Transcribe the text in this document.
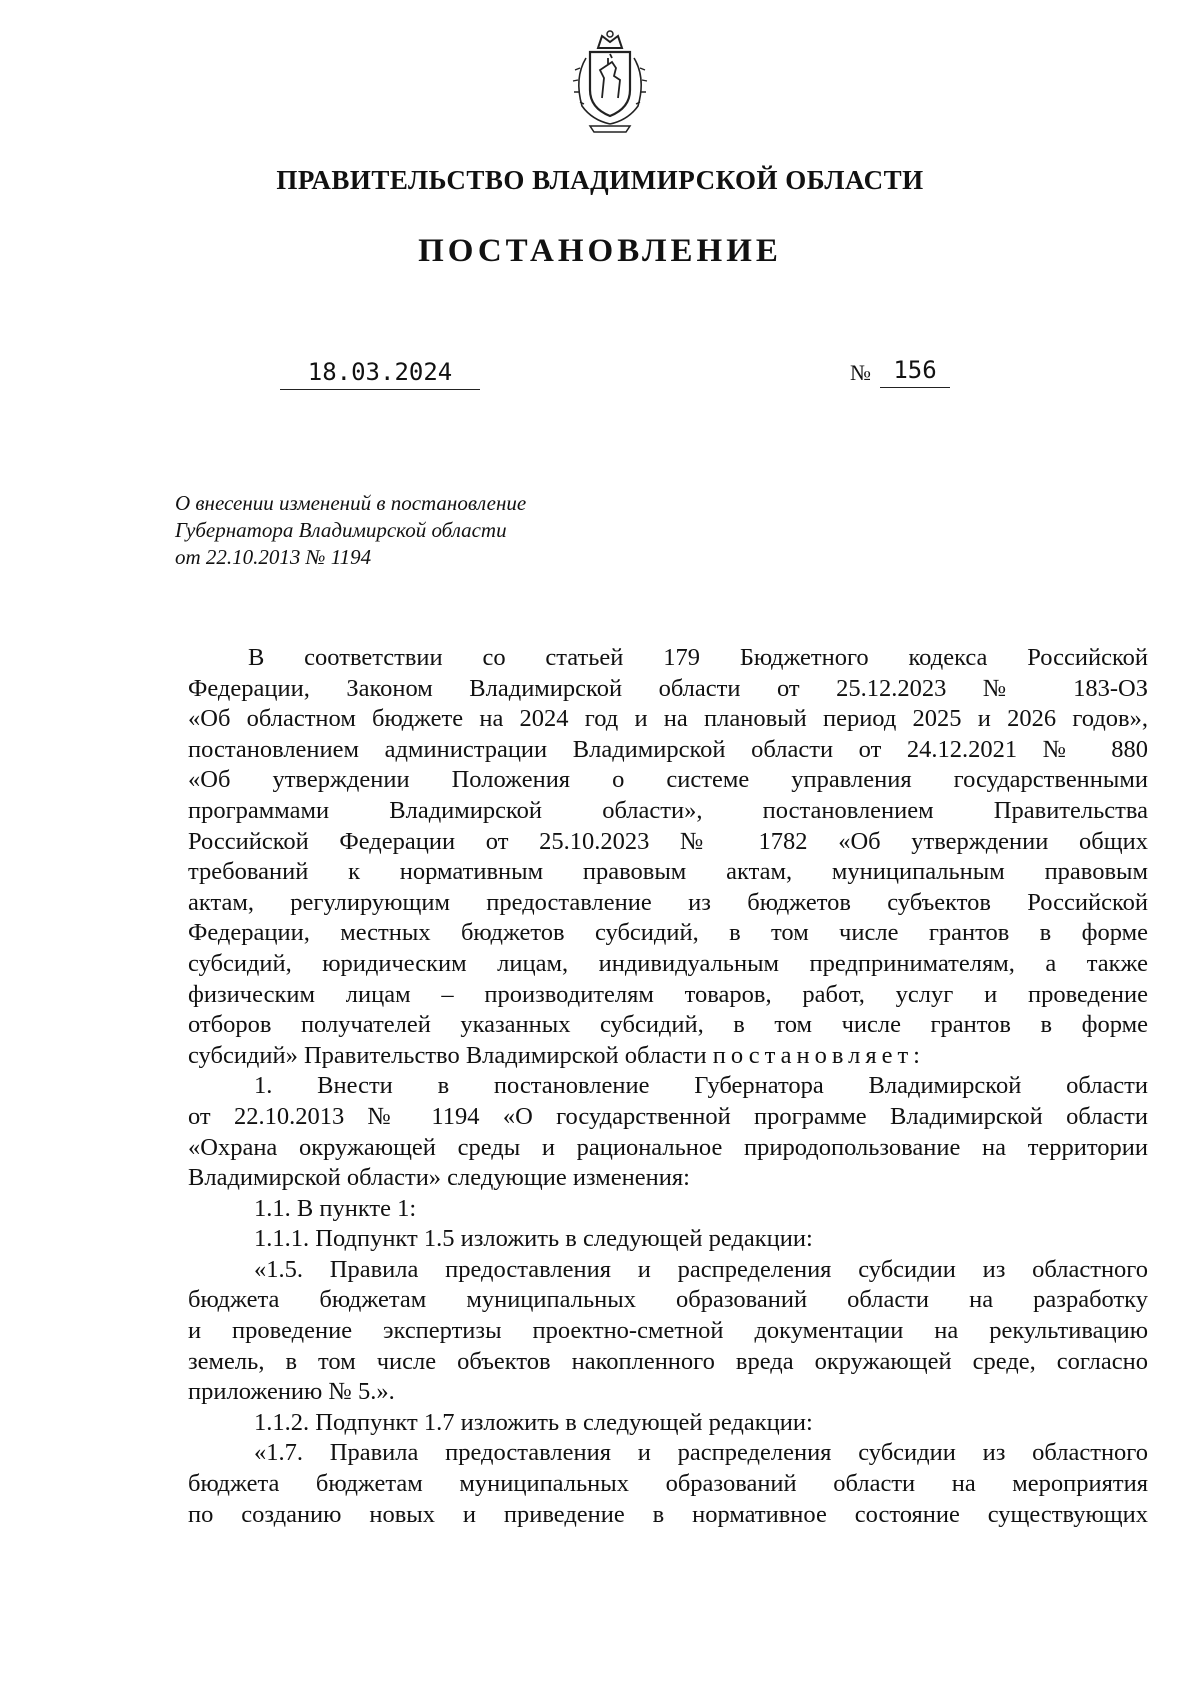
ПРАВИТЕЛЬСТВО ВЛАДИМИРСКОЙ ОБЛАСТИ
ПОСТАНОВЛЕНИЕ
18.03.2024	№ 156
О внесении изменений в постановление
Губернатора Владимирской области
от 22.10.2013 № 1194
В соответствии со статьей 179 Бюджетного кодекса Российской
Федерации, Законом Владимирской области от 25.12.2023 № 183-ОЗ
«Об областном бюджете на 2024 год и на плановый период 2025 и 2026 годов»,
постановлением администрации Владимирской области от 24.12.2021 № 880
«Об утверждении Положения о системе управления государственными
программами Владимирской области», постановлением Правительства
Российской Федерации от 25.10.2023 № 1782 «Об утверждении общих
требований к нормативным правовым актам, муниципальным правовым
актам, регулирующим предоставление из бюджетов субъектов Российской
Федерации, местных бюджетов субсидий, в том числе грантов в форме
субсидий, юридическим лицам, индивидуальным предпринимателям, а также
физическим лицам – производителям товаров, работ, услуг и проведение
отборов получателей указанных субсидий, в том числе грантов в форме
субсидий» Правительство Владимирской области постановляет:
1. Внести в постановление Губернатора Владимирской области
от 22.10.2013 № 1194 «О государственной программе Владимирской области
«Охрана окружающей среды и рациональное природопользование на территории
Владимирской области» следующие изменения:
1.1. В пункте 1:
1.1.1. Подпункт 1.5 изложить в следующей редакции:
«1.5. Правила предоставления и распределения субсидии из областного
бюджета бюджетам муниципальных образований области на разработку
и проведение экспертизы проектно-сметной документации на рекультивацию
земель, в том числе объектов накопленного вреда окружающей среде, согласно
приложению № 5.».
1.1.2. Подпункт 1.7 изложить в следующей редакции:
«1.7. Правила предоставления и распределения субсидии из областного
бюджета бюджетам муниципальных образований области на мероприятия
по созданию новых и приведение в нормативное состояние существующих
